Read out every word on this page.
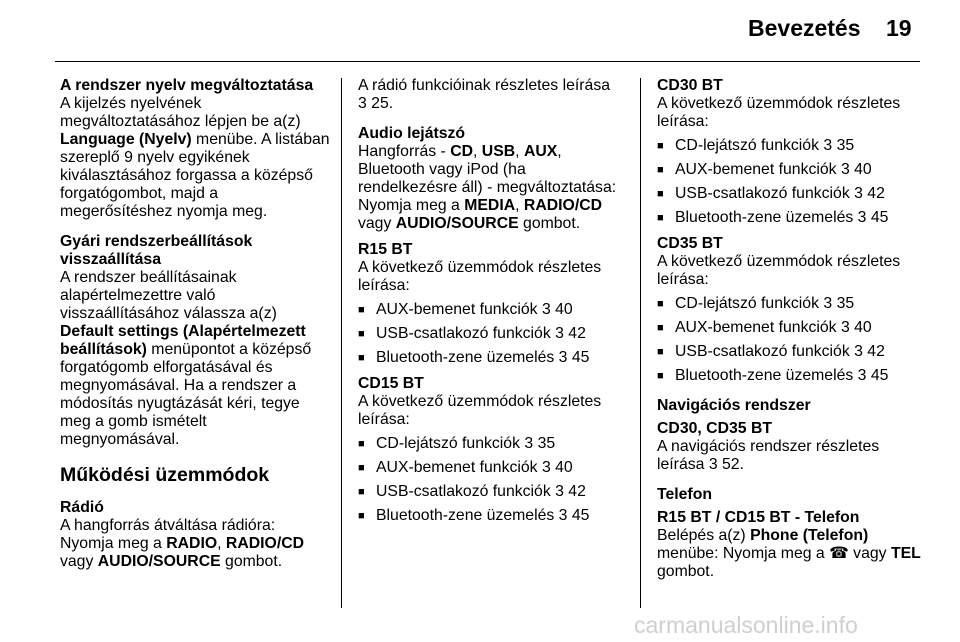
Bevezetés 19

A rendszer nyelv megváltoztatása

A kijelzés nyelvének

megváltoztatásához lépjen be a(z)

Language (Nyelv) menübe. A listában

szereplő 9 nyelv egyikének

kiválasztásához forgassa a középső

forgatógombot, majd a

megerősítéshez nyomja meg.

Gyári rendszerbeállítások

visszaállítása

A rendszer beállításainak

alapértelmezettre való

visszaállításához válassza a(z)

Default settings (Alapértelmezett

beállítások) menüpontot a középső

forgatógomb elforgatásával és

megnyomásával. Ha a rendszer a

módosítás nyugtázását kéri, tegye

meg a gomb ismételt

megnyomásával.

Működési üzemmódok

Rádió

A hangforrás átváltása rádióra:

Nyomja meg a RADIO, RADIO/CD

vagy AUDIO/SOURCE gombot.

A rádió funkcióinak részletes leírása

3 25.

Audio lejátszó

Hangforrás - CD, USB, AUX,

Bluetooth vagy iPod (ha

rendelkezésre áll) - megváltoztatása:

Nyomja meg a MEDIA, RADIO/CD

vagy AUDIO/SOURCE gombot.

R15 BT

A következő üzemmódok részletes

leírása:

■ AUX-bemenet funkciók 3 40
■ USB-csatlakozó funkciók 3 42
■ Bluetooth-zene üzemelés 3 45

CD15 BT

A következő üzemmódok részletes

leírása:

■ CD-lejátszó funkciók 3 35
■ AUX-bemenet funkciók 3 40
■ USB-csatlakozó funkciók 3 42
■ Bluetooth-zene üzemelés 3 45

CD30 BT

A következő üzemmódok részletes

leírása:

■ CD-lejátszó funkciók 3 35
■ AUX-bemenet funkciók 3 40
■ USB-csatlakozó funkciók 3 42
■ Bluetooth-zene üzemelés 3 45

CD35 BT

A következő üzemmódok részletes

leírása:

■ CD-lejátszó funkciók 3 35
■ AUX-bemenet funkciók 3 40
■ USB-csatlakozó funkciók 3 42
■ Bluetooth-zene üzemelés 3 45

Navigációs rendszer

CD30, CD35 BT

A navigációs rendszer részletes

leírása 3 52.

Telefon

R15 BT / CD15 BT - Telefon

Belépés a(z) Phone (Telefon)

menübe: Nyomja meg a ☎ vagy TEL

gombot.

carmanualsonline.info
